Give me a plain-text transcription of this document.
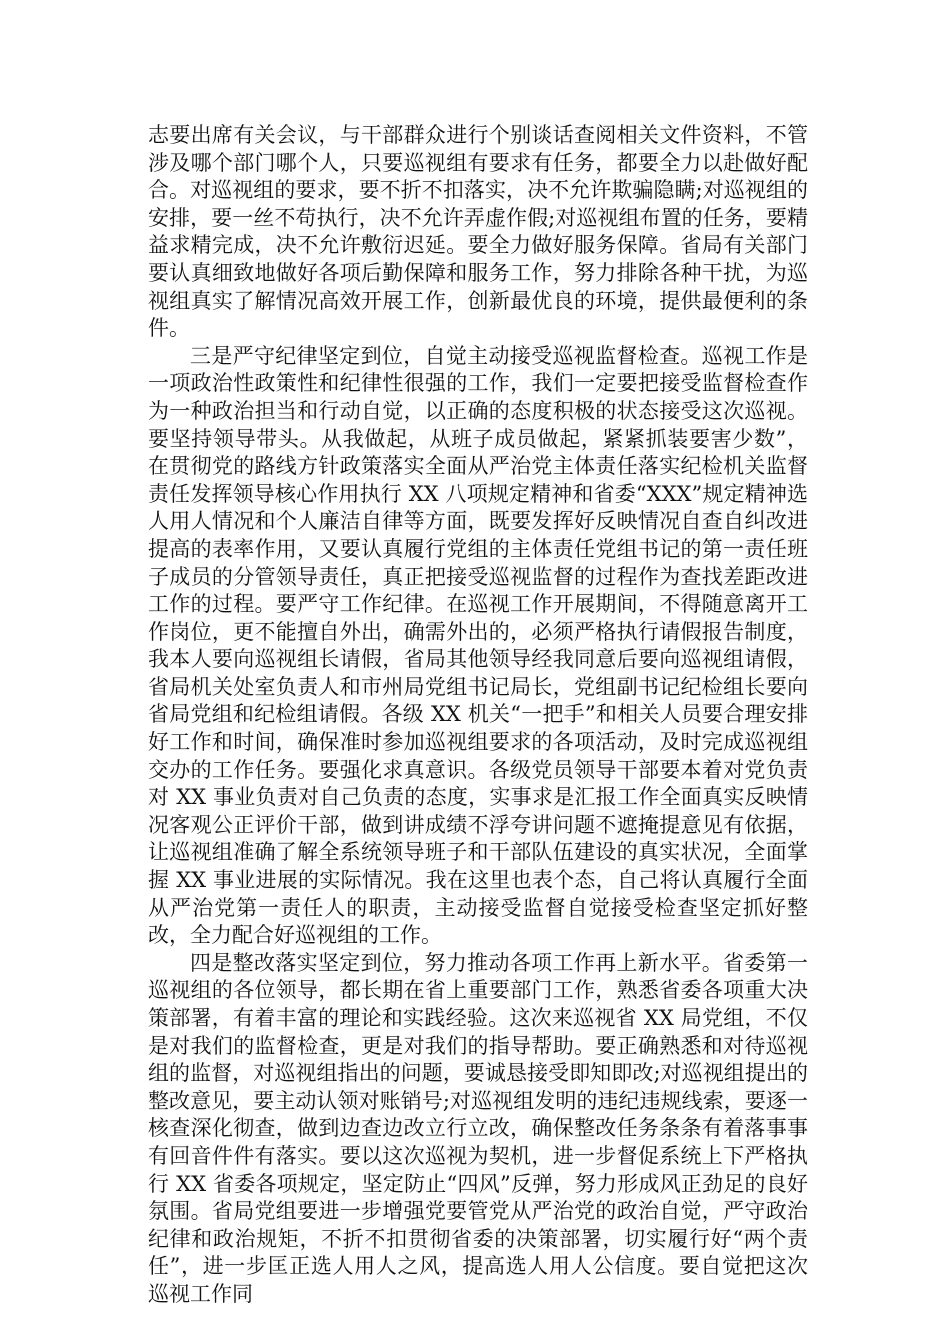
志要出席有关会议，与干部群众进行个别谈话查阅相关文件资料，不管涉及哪个部门哪个人，只要巡视组有要求有任务，都要全力以赴做好配合。对巡视组的要求，要不折不扣落实，决不允许欺骗隐瞒;对巡视组的安排，要一丝不苟执行，决不允许弄虚作假;对巡视组布置的任务，要精益求精完成，决不允许敷衍迟延。要全力做好服务保障。省局有关部门要认真细致地做好各项后勤保障和服务工作，努力排除各种干扰，为巡视组真实了解情况高效开展工作，创新最优良的环境，提供最便利的条件。

三是严守纪律坚定到位，自觉主动接受巡视监督检查。巡视工作是一项政治性政策性和纪律性很强的工作，我们一定要把接受监督检查作为一种政治担当和行动自觉，以正确的态度积极的状态接受这次巡视。要坚持领导带头。从我做起，从班子成员做起，紧紧抓装要害少数”，在贯彻党的路线方针政策落实全面从严治党主体责任落实纪检机关监督责任发挥领导核心作用执行 XX 八项规定精神和省委“XXX”规定精神选人用人情况和个人廉洁自律等方面，既要发挥好反映情况自查自纠改进提高的表率作用，又要认真履行党组的主体责任党组书记的第一责任班子成员的分管领导责任，真正把接受巡视监督的过程作为查找差距改进工作的过程。要严守工作纪律。在巡视工作开展期间，不得随意离开工作岗位，更不能擅自外出，确需外出的，必须严格执行请假报告制度，我本人要向巡视组长请假，省局其他领导经我同意后要向巡视组请假，省局机关处室负责人和市州局党组书记局长，党组副书记纪检组长要向省局党组和纪检组请假。各级 XX 机关“一把手”和相关人员要合理安排好工作和时间，确保准时参加巡视组要求的各项活动，及时完成巡视组交办的工作任务。要强化求真意识。各级党员领导干部要本着对党负责对 XX 事业负责对自己负责的态度，实事求是汇报工作全面真实反映情况客观公正评价干部，做到讲成绩不浮夸讲问题不遮掩提意见有依据，让巡视组准确了解全系统领导班子和干部队伍建设的真实状况，全面掌握 XX 事业进展的实际情况。我在这里也表个态，自己将认真履行全面从严治党第一责任人的职责，主动接受监督自觉接受检查坚定抓好整改，全力配合好巡视组的工作。

四是整改落实坚定到位，努力推动各项工作再上新水平。省委第一巡视组的各位领导，都长期在省上重要部门工作，熟悉省委各项重大决策部署，有着丰富的理论和实践经验。这次来巡视省 XX 局党组，不仅是对我们的监督检查，更是对我们的指导帮助。要正确熟悉和对待巡视组的监督，对巡视组指出的问题，要诚恳接受即知即改;对巡视组提出的整改意见，要主动认领对账销号;对巡视组发明的违纪违规线索，要逐一核查深化彻查，做到边查边改立行立改，确保整改任务条条有着落事事有回音件件有落实。要以这次巡视为契机，进一步督促系统上下严格执行 XX 省委各项规定，坚定防止“四风”反弹，努力形成风正劲足的良好氛围。省局党组要进一步增强党要管党从严治党的政治自觉，严守政治纪律和政治规矩，不折不扣贯彻省委的决策部署，切实履行好“两个责任”，进一步匡正选人用人之风，提高选人用人公信度。要自觉把这次巡视工作同
